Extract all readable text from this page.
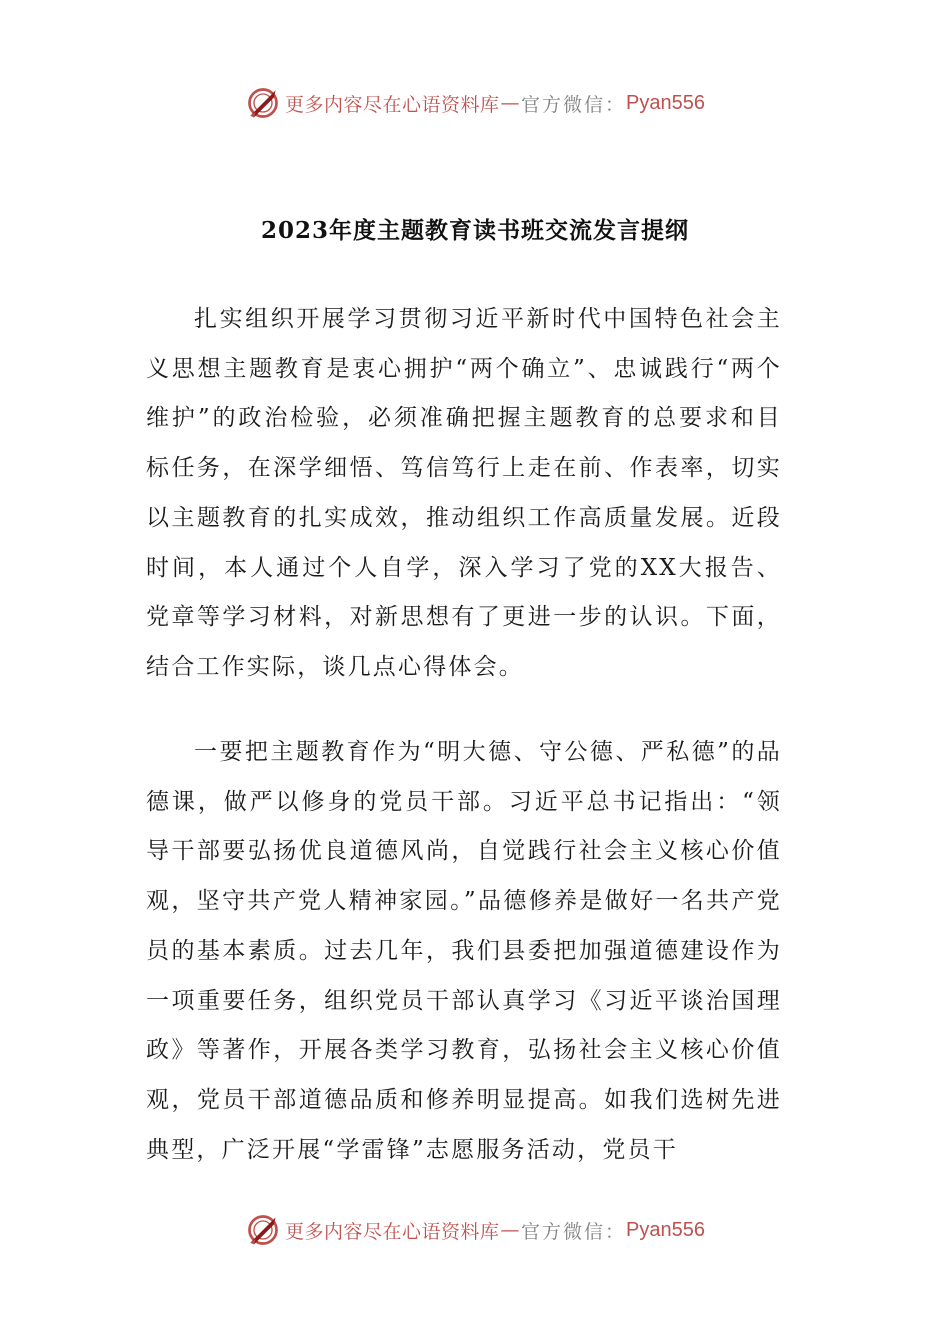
更多内容尽在心语资料库 — 官方微信： Pyan556
2023年度主题教育读书班交流发言提纲

扎实组织开展学习贯彻习近平新时代中国特色社会主义思想主题教育是衷心拥护“两个确立”、忠诚践行“两个维护”的政治检验，必须准确把握主题教育的总要求和目标任务，在深学细悟、笃信笃行上走在前、作表率，切实以主题教育的扎实成效，推动组织工作高质量发展。近段时间，本人通过个人自学，深入学习了党的XX大报告、党章等学习材料，对新思想有了更进一步的认识。下面，结合工作实际，谈几点心得体会。

一要把主题教育作为“明大德、守公德、严私德”的品德课，做严以修身的党员干部。习近平总书记指出：“领导干部要弘扬优良道德风尚，自觉践行社会主义核心价值观，坚守共产党人精神家园。”品德修养是做好一名共产党员的基本素质。过去几年，我们县委把加强道德建设作为一项重要任务，组织党员干部认真学习《习近平谈治国理政》等著作，开展各类学习教育，弘扬社会主义核心价值观，党员干部道德品质和修养明显提高。如我们选树先进典型，广泛开展“学雷锋”志愿服务活动，党员干

更多内容尽在心语资料库 — 官方微信： Pyan556
